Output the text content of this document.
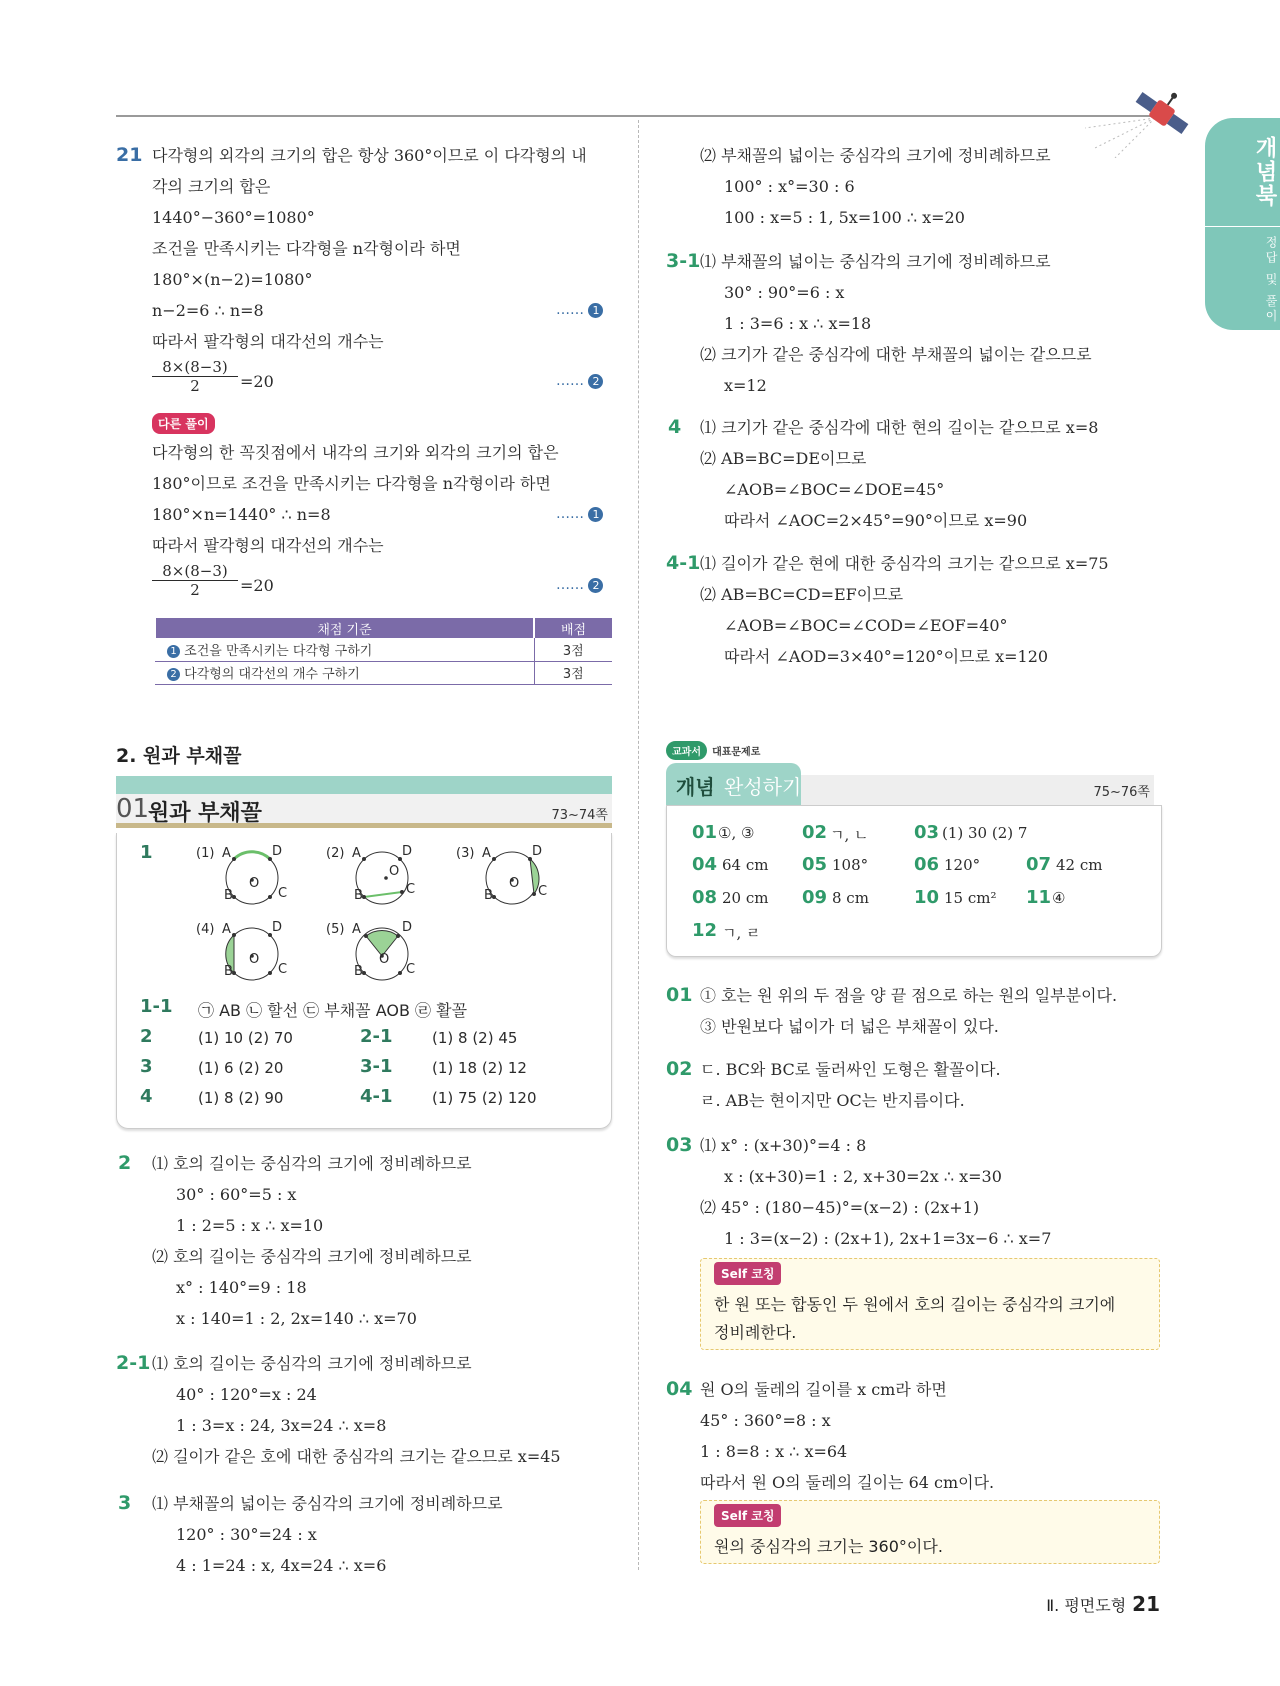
개념북
정답 및 풀이
21 다각형의 외각의 크기의 합은 항상 360°이므로 이 다각형의 내
각의 크기의 합은
1440°−360°=1080°
조건을 만족시키는 다각형을 n각형이라 하면
180°×(n−2)=1080°
n−2=6 ∴ n=8	…… 1
따라서 팔각형의 대각선의 개수는
$\frac{8\times(8-3)}{2} =20$	…… 2
다른 풀이
다각형의 한 꼭짓점에서 내각의 크기와 외각의 크기의 합은
180°이므로 조건을 만족시키는 다각형을 n각형이라 하면
180°×n=1440° ∴ n=8	…… 1
따라서 팔각형의 대각선의 개수는
$\frac{8\times(8-3)}{2} =20$	…… 2
채점 기준	배점
1 조건을 만족시키는 다각형 구하기	3점
2 다각형의 대각선의 개수 구하기	3점
2. 원과 부채꼴
01
원과 부채꼴	73~74쪽
1	(1) A	D
B	C
O
(2) A	D
B	C
O
(3) A	D
B	C
O
(4) A	D
B	C
O
(5) A	D
B	C
O
1-1 ㉠ AB ㉡ 할선 ㉢ 부채꼴 AOB ㉣ 활꼴
2	(1) 10 (2) 70	2-1	(1) 8 (2) 45
3	(1) 6 (2) 20	3-1	(1) 18 (2) 12
4	(1) 8 (2) 90	4-1	(1) 75 (2) 120
2 ⑴ 호의 길이는 중심각의 크기에 정비례하므로
30° : 60°=5 : x
1 : 2=5 : x ∴ x=10
⑵ 호의 길이는 중심각의 크기에 정비례하므로
x° : 140°=9 : 18
x : 140=1 : 2, 2x=140 ∴ x=70
2-1 ⑴ 호의 길이는 중심각의 크기에 정비례하므로
40° : 120°=x : 24
1 : 3=x : 24, 3x=24 ∴ x=8
⑵ 길이가 같은 호에 대한 중심각의 크기는 같으므로 x=45
3 ⑴ 부채꼴의 넓이는 중심각의 크기에 정비례하므로
120° : 30°=24 : x
4 : 1=24 : x, 4x=24 ∴ x=6
⑵ 부채꼴의 넓이는 중심각의 크기에 정비례하므로
100° : x°=30 : 6
100 : x=5 : 1, 5x=100 ∴ x=20
3-1 ⑴ 부채꼴의 넓이는 중심각의 크기에 정비례하므로
30° : 90°=6 : x
1 : 3=6 : x ∴ x=18
⑵ 크기가 같은 중심각에 대한 부채꼴의 넓이는 같으므로
x=12
4 ⑴ 크기가 같은 중심각에 대한 현의 길이는 같으므로 x=8
⑵ AB=BC=DE이므로
∠AOB=∠BOC=∠DOE=45°
따라서 ∠AOC=2×45°=90°이므로 x=90
4-1 ⑴ 길이가 같은 현에 대한 중심각의 크기는 같으므로 x=75
⑵ AB=BC=CD=EF이므로
∠AOB=∠BOC=∠COD=∠EOF=40°
따라서 ∠AOD=3×40°=120°이므로 x=120
교과서 대표문제로
개념 완성하기	75~76쪽
01 ①, ③	02 ㄱ, ㄴ	03 (1) 30 (2) 7
04 64 cm 05 108°	06 120°	07 42 cm
08 20 cm 09 8 cm	10 15 cm² 11 ④
12 ㄱ, ㄹ
01 ① 호는 원 위의 두 점을 양 끝 점으로 하는 원의 일부분이다.
③ 반원보다 넓이가 더 넓은 부채꼴이 있다.
02 ㄷ. BC와 BC로 둘러싸인 도형은 활꼴이다.
ㄹ. AB는 현이지만 OC는 반지름이다.
03 ⑴ x° : (x+30)°=4 : 8
x : (x+30)=1 : 2, x+30=2x ∴ x=30
⑵ 45° : (180−45)°=(x−2) : (2x+1)
1 : 3=(x−2) : (2x+1), 2x+1=3x−6 ∴ x=7
Self 코칭
한 원 또는 합동인 두 원에서 호의 길이는 중심각의 크기에
정비례한다.
04 원 O의 둘레의 길이를 x cm라 하면
45° : 360°=8 : x
1 : 8=8 : x ∴ x=64
따라서 원 O의 둘레의 길이는 64 cm이다.
Self 코칭
원의 중심각의 크기는 360°이다.
Ⅱ. 평면도형 21
